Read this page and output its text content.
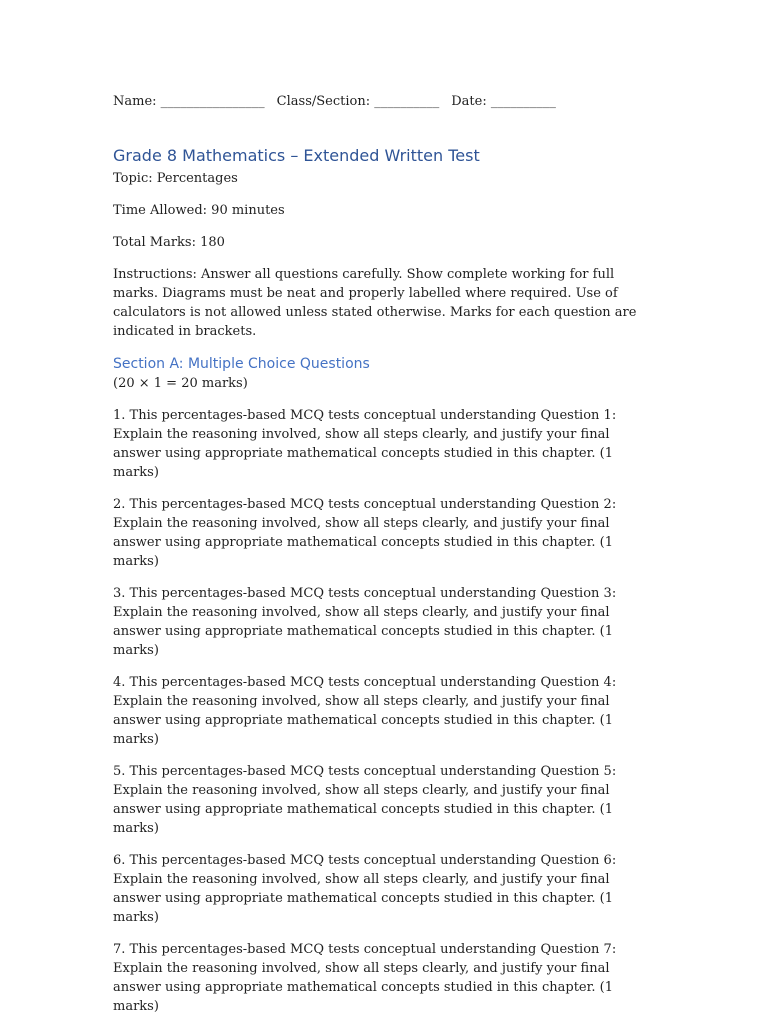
Name: ________________ Class/Section: __________ Date: __________

Grade 8 Mathematics – Extended Written Test

Topic: Percentages

Time Allowed: 90 minutes

Total Marks: 180

Instructions: Answer all questions carefully. Show complete working for full marks. Diagrams must be neat and properly labelled where required. Use of calculators is not allowed unless stated otherwise. Marks for each question are indicated in brackets.

Section A: Multiple Choice Questions

(20 × 1 = 20 marks)

1. This percentages-based MCQ tests conceptual understanding Question 1: Explain the reasoning involved, show all steps clearly, and justify your final answer using appropriate mathematical concepts studied in this chapter. (1 marks)
2. This percentages-based MCQ tests conceptual understanding Question 2: Explain the reasoning involved, show all steps clearly, and justify your final answer using appropriate mathematical concepts studied in this chapter. (1 marks)
3. This percentages-based MCQ tests conceptual understanding Question 3: Explain the reasoning involved, show all steps clearly, and justify your final answer using appropriate mathematical concepts studied in this chapter. (1 marks)
4. This percentages-based MCQ tests conceptual understanding Question 4: Explain the reasoning involved, show all steps clearly, and justify your final answer using appropriate mathematical concepts studied in this chapter. (1 marks)
5. This percentages-based MCQ tests conceptual understanding Question 5: Explain the reasoning involved, show all steps clearly, and justify your final answer using appropriate mathematical concepts studied in this chapter. (1 marks)
6. This percentages-based MCQ tests conceptual understanding Question 6: Explain the reasoning involved, show all steps clearly, and justify your final answer using appropriate mathematical concepts studied in this chapter. (1 marks)
7. This percentages-based MCQ tests conceptual understanding Question 7: Explain the reasoning involved, show all steps clearly, and justify your final answer using appropriate mathematical concepts studied in this chapter. (1 marks)
